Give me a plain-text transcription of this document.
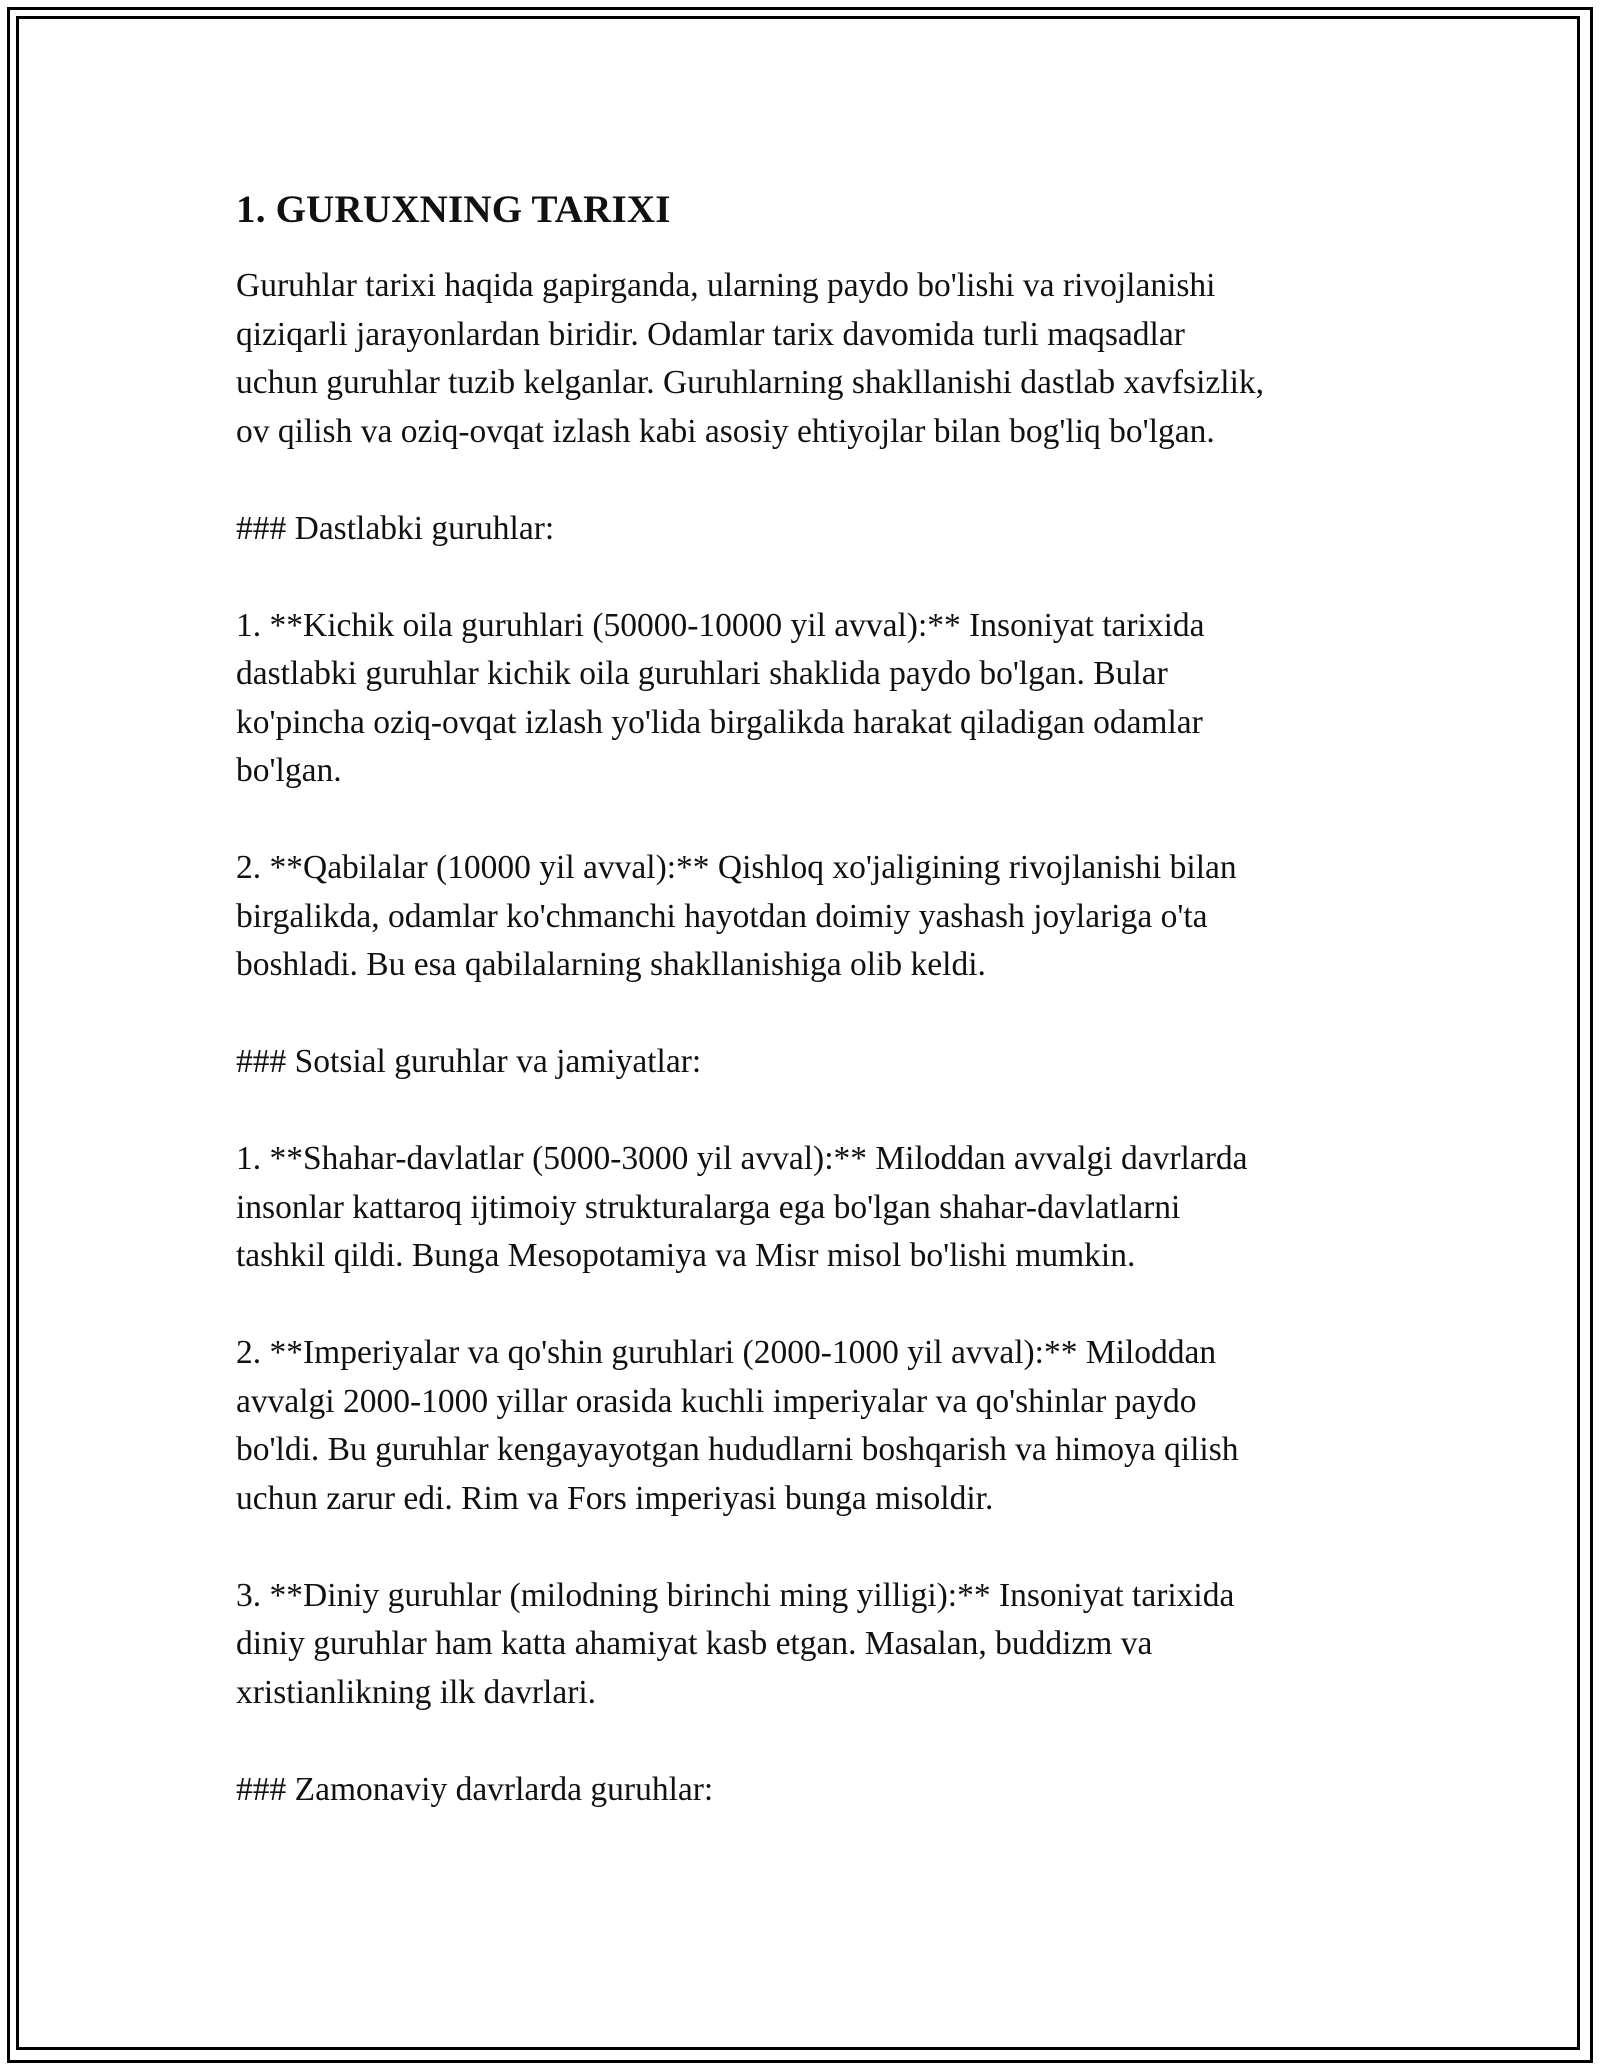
1. GURUXNING TARIXI

Guruhlar tarixi haqida gapirganda, ularning paydo bo'lishi va rivojlanishi
qiziqarli jarayonlardan biridir. Odamlar tarix davomida turli maqsadlar
uchun guruhlar tuzib kelganlar. Guruhlarning shakllanishi dastlab xavfsizlik,
ov qilish va oziq-ovqat izlash kabi asosiy ehtiyojlar bilan bog'liq bo'lgan.

### Dastlabki guruhlar:

1. **Kichik oila guruhlari (50000-10000 yil avval):** Insoniyat tarixida
dastlabki guruhlar kichik oila guruhlari shaklida paydo bo'lgan. Bular
ko'pincha oziq-ovqat izlash yo'lida birgalikda harakat qiladigan odamlar
bo'lgan.

2. **Qabilalar (10000 yil avval):** Qishloq xo'jaligining rivojlanishi bilan
birgalikda, odamlar ko'chmanchi hayotdan doimiy yashash joylariga o'ta
boshladi. Bu esa qabilalarning shakllanishiga olib keldi.

### Sotsial guruhlar va jamiyatlar:

1. **Shahar-davlatlar (5000-3000 yil avval):** Miloddan avvalgi davrlarda
insonlar kattaroq ijtimoiy strukturalarga ega bo'lgan shahar-davlatlarni
tashkil qildi. Bunga Mesopotamiya va Misr misol bo'lishi mumkin.

2. **Imperiyalar va qo'shin guruhlari (2000-1000 yil avval):** Miloddan
avvalgi 2000-1000 yillar orasida kuchli imperiyalar va qo'shinlar paydo
bo'ldi. Bu guruhlar kengayayotgan hududlarni boshqarish va himoya qilish
uchun zarur edi. Rim va Fors imperiyasi bunga misoldir.

3. **Diniy guruhlar (milodning birinchi ming yilligi):** Insoniyat tarixida
diniy guruhlar ham katta ahamiyat kasb etgan. Masalan, buddizm va
xristianlikning ilk davrlari.

### Zamonaviy davrlarda guruhlar:
